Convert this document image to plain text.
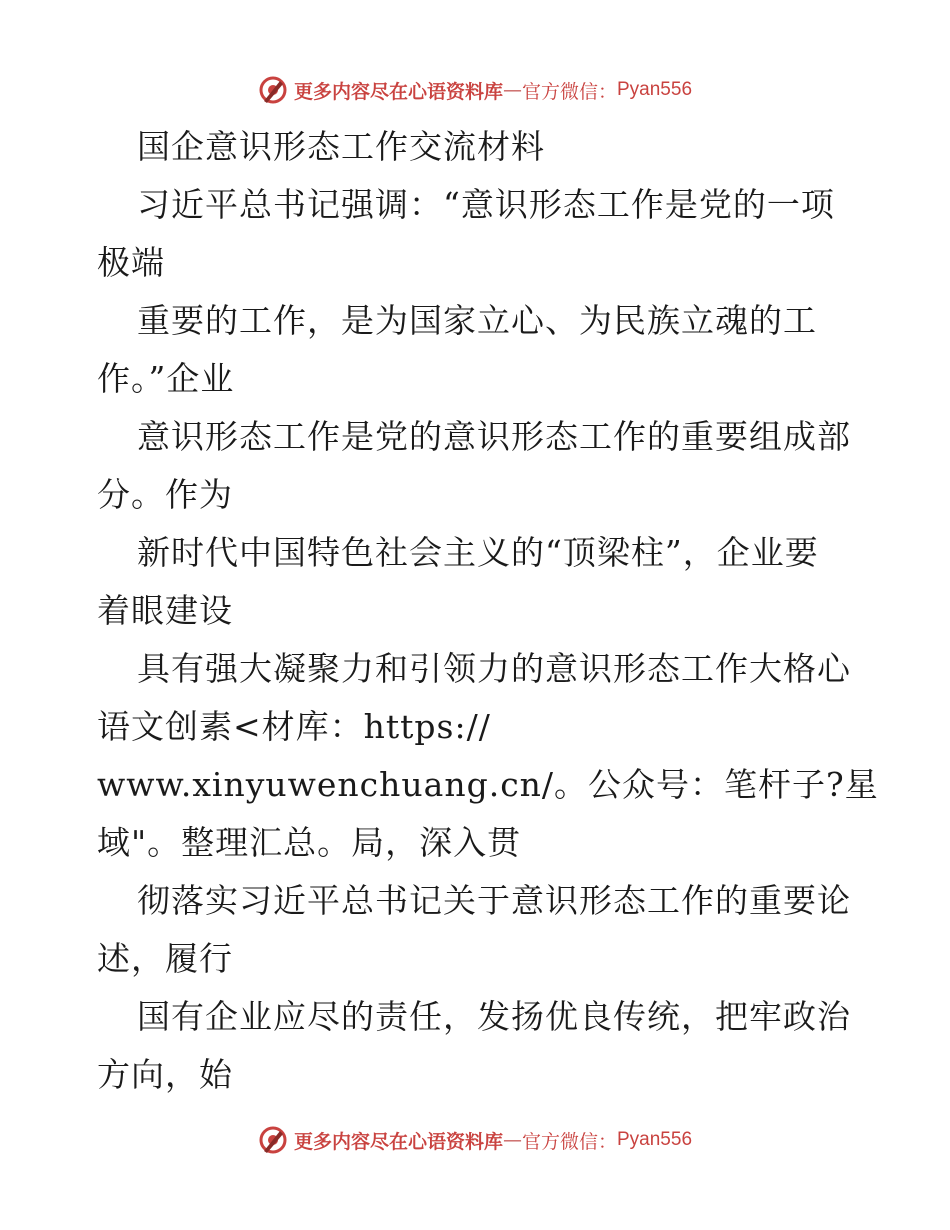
更多内容尽在心语资料库 — 官方微信： Pyan556
国企意识形态工作交流材料
习近平总书记强调：“意识形态工作是党的一项
极端
重要的工作，是为国家立心、为民族立魂的工
作。”企业
意识形态工作是党的意识形态工作的重要组成部
分。作为
新时代中国特色社会主义的“顶梁柱”，企业要
着眼建设
具有强大凝聚力和引领力的意识形态工作大格心
语文创素<材库：https://
www.xinyuwenchuang.cn/。公众号：笔杆子?星
域"。整理汇总。局，深入贯
彻落实习近平总书记关于意识形态工作的重要论
述，履行
国有企业应尽的责任，发扬优良传统，把牢政治
方向，始
更多内容尽在心语资料库 — 官方微信： Pyan556
